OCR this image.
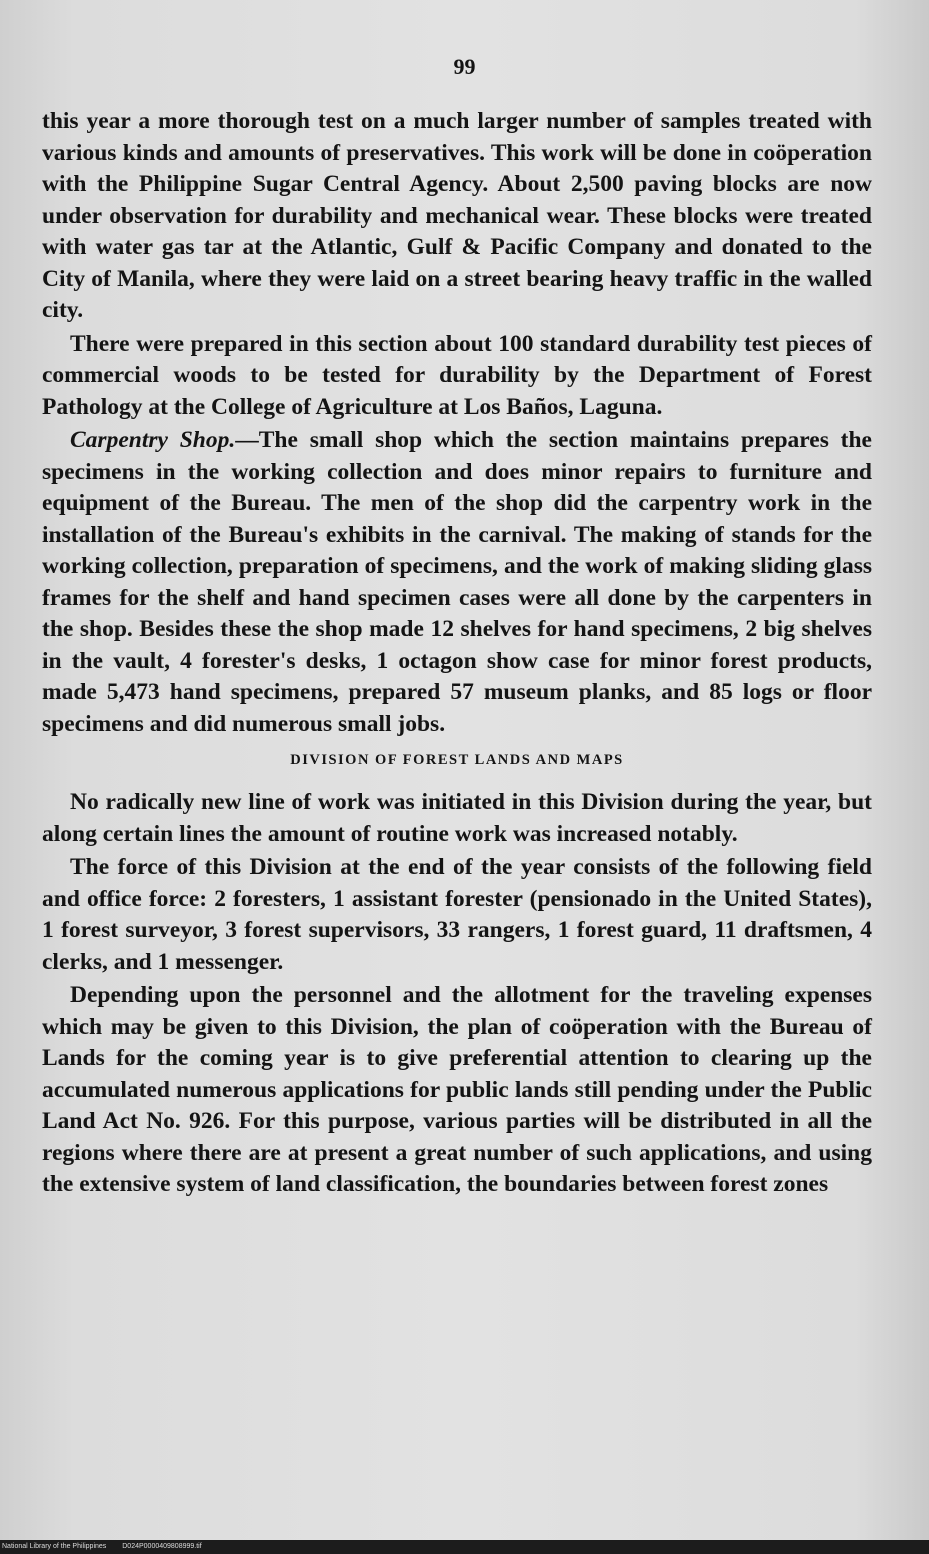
99

this year a more thorough test on a much larger number of samples treated with various kinds and amounts of preservatives. This work will be done in coöperation with the Philippine Sugar Central Agency. About 2,500 paving blocks are now under observation for durability and mechanical wear. These blocks were treated with water gas tar at the Atlantic, Gulf & Pacific Company and donated to the City of Manila, where they were laid on a street bearing heavy traffic in the walled city.

There were prepared in this section about 100 standard durability test pieces of commercial woods to be tested for durability by the Department of Forest Pathology at the College of Agriculture at Los Baños, Laguna.

Carpentry Shop.—The small shop which the section maintains prepares the specimens in the working collection and does minor repairs to furniture and equipment of the Bureau. The men of the shop did the carpentry work in the installation of the Bureau's exhibits in the carnival. The making of stands for the working collection, preparation of specimens, and the work of making sliding glass frames for the shelf and hand specimen cases were all done by the carpenters in the shop. Besides these the shop made 12 shelves for hand specimens, 2 big shelves in the vault, 4 forester's desks, 1 octagon show case for minor forest products, made 5,473 hand specimens, prepared 57 museum planks, and 85 logs or floor specimens and did numerous small jobs.

DIVISION OF FOREST LANDS AND MAPS

No radically new line of work was initiated in this Division during the year, but along certain lines the amount of routine work was increased notably.

The force of this Division at the end of the year consists of the following field and office force: 2 foresters, 1 assistant forester (pensionado in the United States), 1 forest surveyor, 3 forest supervisors, 33 rangers, 1 forest guard, 11 draftsmen, 4 clerks, and 1 messenger.

Depending upon the personnel and the allotment for the traveling expenses which may be given to this Division, the plan of coöperation with the Bureau of Lands for the coming year is to give preferential attention to clearing up the accumulated numerous applications for public lands still pending under the Public Land Act No. 926. For this purpose, various parties will be distributed in all the regions where there are at present a great number of such applications, and using the extensive system of land classification, the boundaries between forest zones

National Library of the Philippines D024P0000409808999.tif
